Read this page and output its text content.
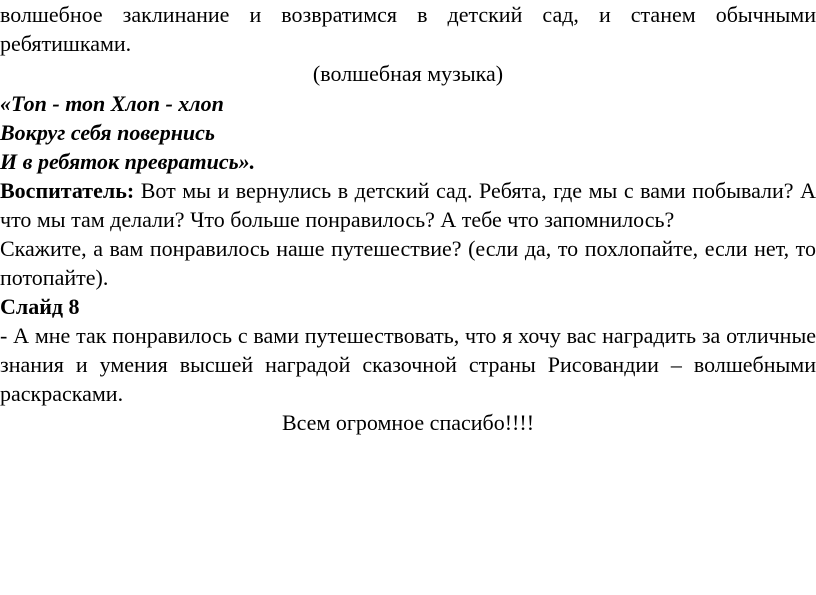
волшебное заклинание и возвратимся в детский сад, и станем обычными ребятишками.

(волшебная музыка)

«Топ - топ Хлоп - хлоп

Вокруг себя повернись

И в ребяток превратись».

Воспитатель: Вот мы и вернулись в детский сад. Ребята, где мы с вами побывали? А что мы там делали? Что больше понравилось? А тебе что запомнилось?

Скажите, а вам понравилось наше путешествие? (если да, то похлопайте, если нет, то потопайте).

Слайд 8

- А мне так понравилось с вами путешествовать, что я хочу вас наградить за отличные знания и умения высшей наградой сказочной страны Рисовандии – волшебными раскрасками.

Всем огромное спасибо!!!!
